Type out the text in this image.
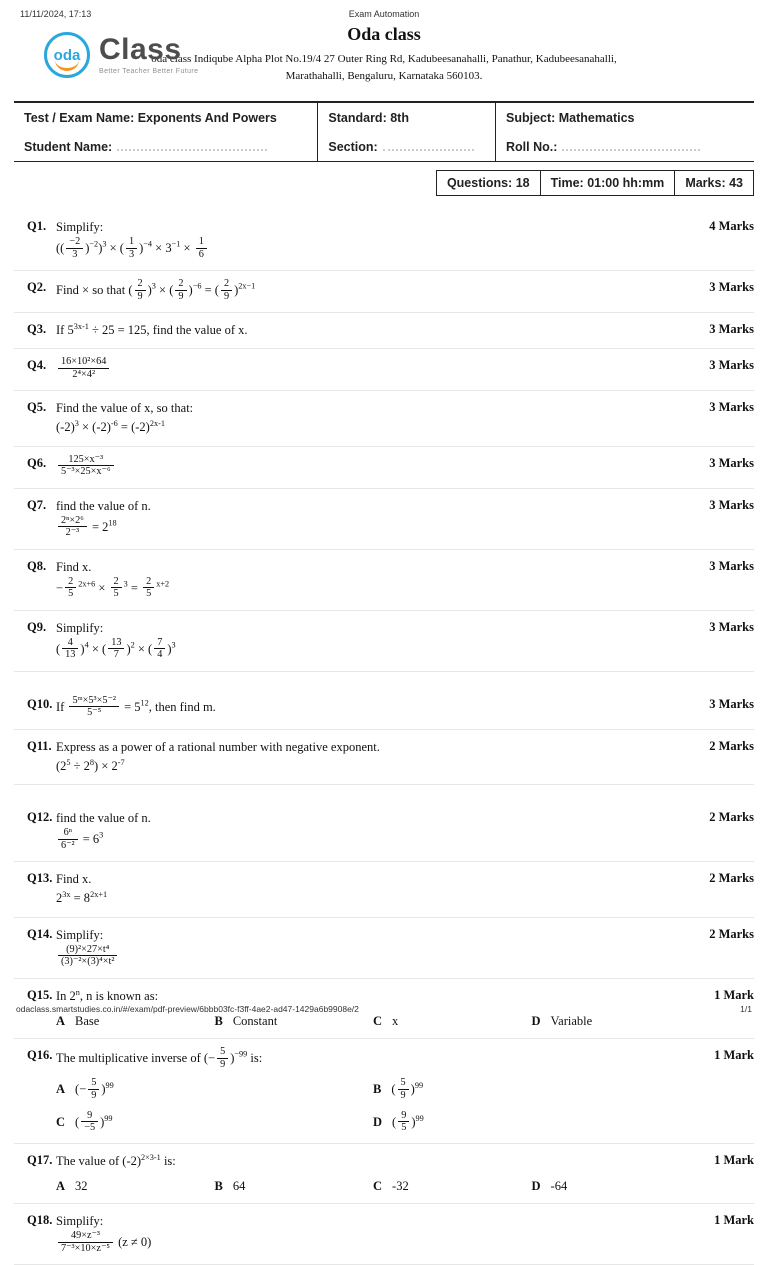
11/11/2024, 17:13	Exam Automation
oda Class
Better Teacher Better Future
Oda class
oda class Indiqube Alpha Plot No.19/4 27 Outer Ring Rd, Kadubeesanahalli, Panathur, Kadubeesanahalli,
Marathahalli, Bengaluru, Karnataka 560103.
Test / Exam Name: Exponents And Powers	Standard: 8th	Subject: Mathematics
Student Name:	Section:	Roll No.:
Questions: 18	Time: 01:00 hh:mm	Marks: 43
Q1. Simplify:
(( $\frac{-2}{3} )^{-2})^3$ × ( $\frac{1}{3} )^{-4} \times 3^{-1} \times \frac{1}{6}$
4 Marks
Q2. Find × so that ( $\frac{2}{9} )^3$ × ( $\frac{2}{9} )^{-6}$ = ( $\frac{2}{9} )^{2x-1}$	3 Marks
Q3. If $5^{3x-1} \div 25 = 125$, find the value of x.	3 Marks
Q4.	$\frac{\text{16×10²×64}}{\text{2⁴×4²}}$	3 Marks
Q5. Find the value of x, so that:
$(-2)^3 \times (-2)^{-6} = (-2)^{2x-1}$
3 Marks
Q6.	$\frac{\text{125×x⁻³}}{\text{5⁻³×25×x⁻⁶}}$	3 Marks
Q7. find the value of n.
$\frac{\text{2ⁿ×2⁶}}{\text{2⁻³}} = 2^{18}$
3 Marks
Q8. Find x.
− $\frac{2}{5} ^{2x+6} \times \frac{2}{5} ^3 = \frac{2}{5} ^{x+2}$
3 Marks
Q9. Simplify:
( $\frac{4}{13} )^4$ × ( $\frac{13}{7} )^2$ × ( $\frac{7}{4} )^3$
3 Marks
Q10. If $\frac{\text{5ᵐ×5³×5⁻²}}{\text{5⁻⁵}} = 5^{12}$, then find m.	3 Marks
Q11. Express as a power of a rational number with negative exponent.
$(2^5 \div 2^8) \times 2^{-7}$
2 Marks
Q12. find the value of n.
$\frac{\text{6ⁿ}}{\text{6⁻²}} = 6^3$
2 Marks
Q13. Find x.
$2^{3x} = 8^{2x+1}$
2 Marks
Q14. Simplify:
$\frac{\text{(9)²×27×t⁴}}{\text{(3)⁻²×(3)⁴×t²}}$
2 Marks
Q15. In 2$^n$, n is known as:
A Base	B Constant	C x	D Variable
1 Mark
Q16. The multiplicative inverse of (− $\frac{5}{9} )^{-99}$ is:
A (− $\frac{5}{9} )^{99}$	B ( $\frac{5}{9} )^{99}$
C ( $\frac{9}{-5} )^{99}$	D ( $\frac{9}{5} )^{99}$
1 Mark
Q17. The value of $(-2)^{2\times 3-1}$ is:
A 32	B 64	C -32	D -64
1 Mark
Q18. Simplify:
$\frac{\text{49×z⁻³}}{\text{7⁻³×10×z⁻⁵}} (z \ne 0)$
1 Mark
odaclass.smartstudies.co.in/#/exam/pdf-preview/6bbb03fc-f3ff-4ae2-ad47-1429a6b9908e/2	1/1
